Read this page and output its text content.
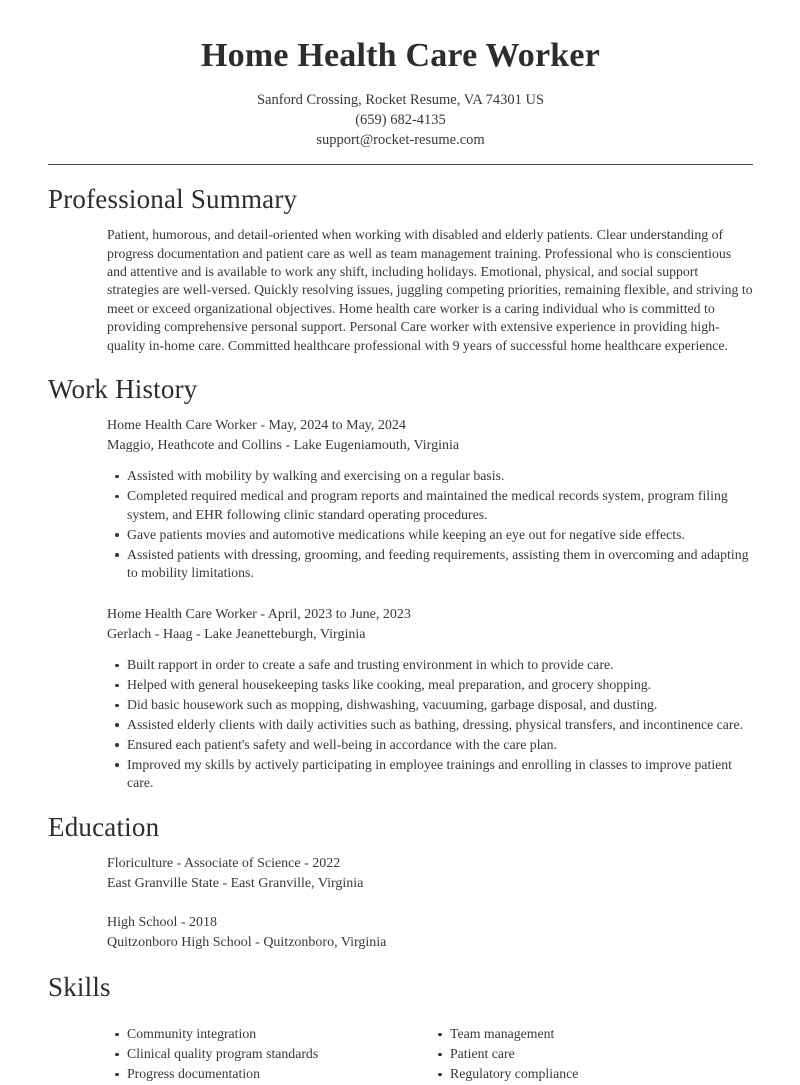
Home Health Care Worker
Sanford Crossing, Rocket Resume, VA 74301 US
(659) 682-4135
support@rocket-resume.com
Professional Summary

Patient, humorous, and detail-oriented when working with disabled and elderly patients. Clear understanding of progress documentation and patient care as well as team management training. Professional who is conscientious and attentive and is available to work any shift, including holidays. Emotional, physical, and social support strategies are well-versed. Quickly resolving issues, juggling competing priorities, remaining flexible, and striving to meet or exceed organizational objectives. Home health care worker is a caring individual who is committed to providing comprehensive personal support. Personal Care worker with extensive experience in providing high-quality in-home care. Committed healthcare professional with 9 years of successful home healthcare experience.

Work History
Home Health Care Worker - May, 2024 to May, 2024
Maggio, Heathcote and Collins - Lake Eugeniamouth, Virginia
Assisted with mobility by walking and exercising on a regular basis.
Completed required medical and program reports and maintained the medical records system, program filing system, and EHR following clinic standard operating procedures.
Gave patients movies and automotive medications while keeping an eye out for negative side effects.
Assisted patients with dressing, grooming, and feeding requirements, assisting them in overcoming and adapting to mobility limitations.
Home Health Care Worker - April, 2023 to June, 2023
Gerlach - Haag - Lake Jeanetteburgh, Virginia
Built rapport in order to create a safe and trusting environment in which to provide care.
Helped with general housekeeping tasks like cooking, meal preparation, and grocery shopping.
Did basic housework such as mopping, dishwashing, vacuuming, garbage disposal, and dusting.
Assisted elderly clients with daily activities such as bathing, dressing, physical transfers, and incontinence care.
Ensured each patient's safety and well-being in accordance with the care plan.
Improved my skills by actively participating in employee trainings and enrolling in classes to improve patient care.
Education
Floriculture - Associate of Science - 2022
East Granville State - East Granville, Virginia
High School - 2018
Quitzonboro High School - Quitzonboro, Virginia
Skills
Community integration
Clinical quality program standards
Progress documentation
Team management
Patient care
Regulatory compliance
